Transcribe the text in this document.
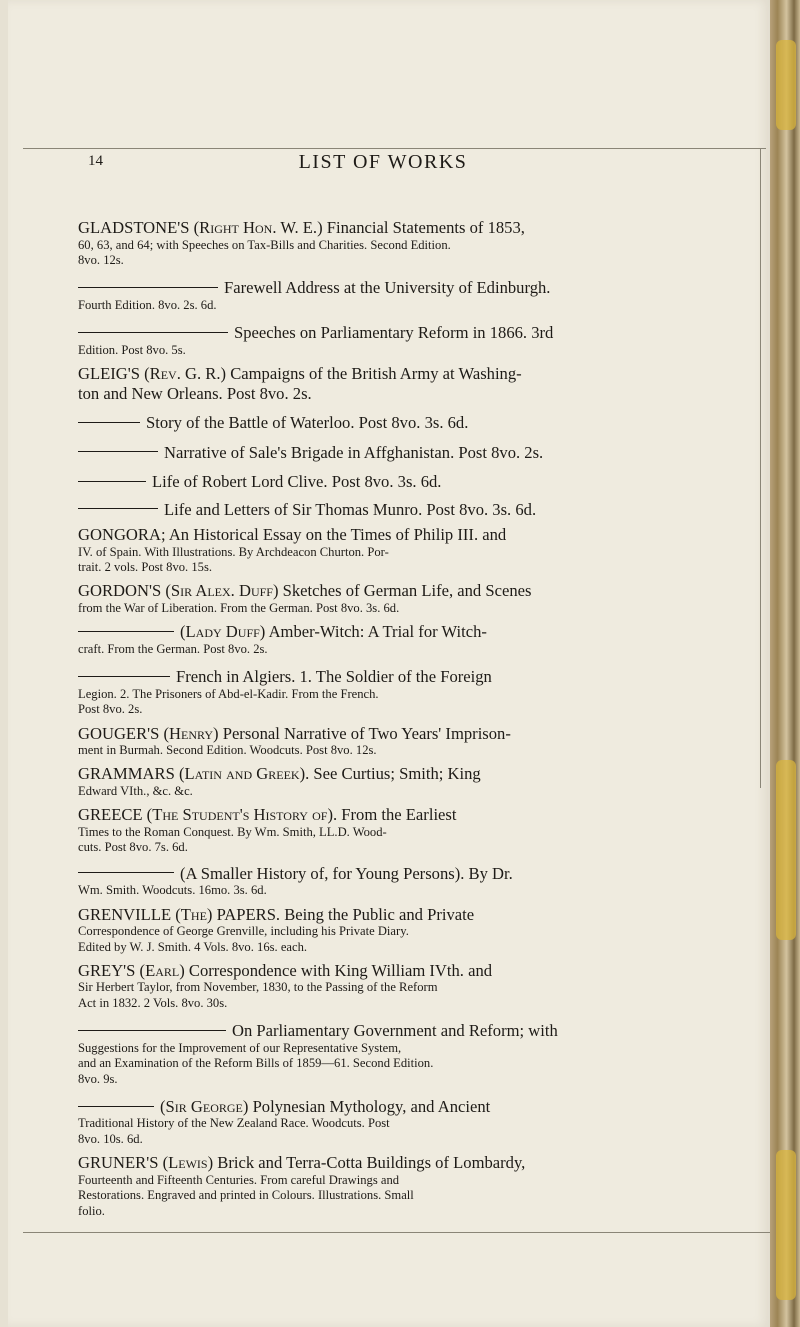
14	LIST OF WORKS
GLADSTONE'S (Right Hon. W. E.) Financial Statements of 1853,
60, 63, and 64; with Speeches on Tax-Bills and Charities. Second Edition.
8vo. 12s.
Farewell Address at the University of Edinburgh.
Fourth Edition. 8vo. 2s. 6d.
Speeches on Parliamentary Reform in 1866. 3rd
Edition. Post 8vo. 5s.
GLEIG'S (Rev. G. R.) Campaigns of the British Army at Washing-
ton and New Orleans. Post 8vo. 2s.
Story of the Battle of Waterloo. Post 8vo. 3s. 6d.
Narrative of Sale's Brigade in Affghanistan. Post 8vo. 2s.
Life of Robert Lord Clive. Post 8vo. 3s. 6d.
Life and Letters of Sir Thomas Munro. Post 8vo. 3s. 6d.
GONGORA; An Historical Essay on the Times of Philip III. and
IV. of Spain. With Illustrations. By Archdeacon Churton. Por-
trait. 2 vols. Post 8vo. 15s.
GORDON'S (Sir Alex. Duff) Sketches of German Life, and Scenes
from the War of Liberation. From the German. Post 8vo. 3s. 6d.
(Lady Duff) Amber-Witch: A Trial for Witch-
craft. From the German. Post 8vo. 2s.
French in Algiers. 1. The Soldier of the Foreign
Legion. 2. The Prisoners of Abd-el-Kadir. From the French.
Post 8vo. 2s.
GOUGER'S (Henry) Personal Narrative of Two Years' Imprison-
ment in Burmah. Second Edition. Woodcuts. Post 8vo. 12s.
GRAMMARS (Latin and Greek). See Curtius; Smith; King
Edward VIth., &c. &c.
GREECE (The Student's History of). From the Earliest
Times to the Roman Conquest. By Wm. Smith, LL.D. Wood-
cuts. Post 8vo. 7s. 6d.
(A Smaller History of, for Young Persons). By Dr.
Wm. Smith. Woodcuts. 16mo. 3s. 6d.
GRENVILLE (The) PAPERS. Being the Public and Private
Correspondence of George Grenville, including his Private Diary.
Edited by W. J. Smith. 4 Vols. 8vo. 16s. each.
GREY'S (Earl) Correspondence with King William IVth. and
Sir Herbert Taylor, from November, 1830, to the Passing of the Reform
Act in 1832. 2 Vols. 8vo. 30s.
On Parliamentary Government and Reform; with
Suggestions for the Improvement of our Representative System,
and an Examination of the Reform Bills of 1859—61. Second Edition.
8vo. 9s.
(Sir George) Polynesian Mythology, and Ancient
Traditional History of the New Zealand Race. Woodcuts. Post
8vo. 10s. 6d.
GRUNER'S (Lewis) Brick and Terra-Cotta Buildings of Lombardy,
Fourteenth and Fifteenth Centuries. From careful Drawings and
Restorations. Engraved and printed in Colours. Illustrations. Small
folio.
